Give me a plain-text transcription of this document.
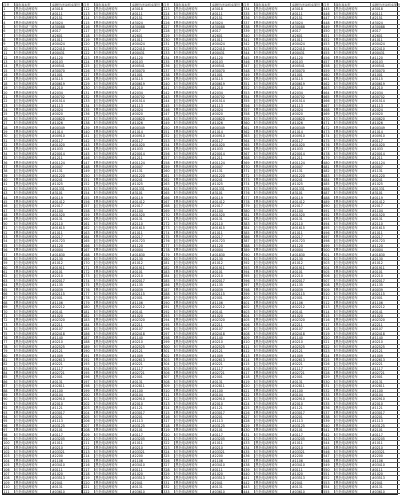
序号	颜色和车型	车牌号/发动机车架号
1	黑色电动两轮车	#3018
2	黑色电动两轮车	#0111
3	白色电动两轮车	#2151
4	黑色电动两轮车	#3024
5	红色电动三轮车	#30088
6	红色电动两轮车	#017
7	白色电动两轮车	#2601
8	黑色电动两轮车	#1011
9	黑色电动两轮车	#00424
10	红色电动两轮车	#22410
11	白色电动两轮车	#00431
12	黑色电动两轮车	#1120
13	红色电动两轮车	#0103
14	黑色电动两轮车	#00541
15	白色电动两轮车	#30070
16	黑色电动两轮车	#1001
17	黑色电动两轮车	#3115
18	红色电动两轮车	#00619
19	白色电动两轮车	#1210
20	黑色电动两轮车	#2034
21	黑色电动两轮车	#00702
22	红色电动两轮车	#01514
23	白色电动两轮车	#1113
24	黑色电动两轮车	#2024
25	黑色电动两轮车	#0020
26	红色电动两轮车	#00820
27	白色电动两轮车	#1026
28	黑色电动两轮车	#00349
29	黑色电动两轮车	#1014
30	红色电动两轮车	#00910
31	白色电动两轮车	#0117
32	黑色电动两轮车	#01020
33	黑色电动两轮车	#1033
34	红色电动两轮车	#20014
35	白色电动两轮车	#1211
36	黑色电动两轮车	#01124
37	黑色电动两轮车	#0007
38	红色电动两轮车	#1131
39	白色电动两轮车	#01220
40	黑色电动两轮车	#0241
41	黑色电动两轮车	#1025
42	红色电动两轮车	#01331
43	白色电动两轮车	#3101
44	黑色电动两轮车	#0119
45	黑色电动两轮车	#01412
46	红色电动两轮车	#2017
47	白色电动两轮车	#1104
48	黑色电动两轮车	#01520
49	黑色电动两轮车	#0131
50	红色电动两轮车	#2110
51	白色电动两轮车	#01615
52	黑色电动两轮车	#1011
53	黑色电动两轮车	#0217
54	红色电动两轮车	#01723
55	白色电动两轮车	#1120
56	黑色电动两轮车	#0004
57	黑色电动两轮车	#01830
58	红色电动两轮车	#2130
59	白色电动两轮车	#1012
60	黑色电动两轮车	#01911
61	黑色电动两轮车	#0101
62	红色电动两轮车	#2210
63	白色电动两轮车	#02017
64	黑色电动两轮车	#1135
65	黑色电动两轮车	#0039
66	红色电动两轮车	#02115
67	白色电动两轮车	#2001
68	黑色电动两轮车	#1106
69	黑色电动两轮车	#02212
70	红色电动两轮车	#0141
71	白色电动两轮车	#1020
72	黑色电动两轮车	#02320
73	黑色电动两轮车	#2211
74	红色电动两轮车	#0107
75	白色电动两轮车	#02418
76	黑色电动两轮车	#1140
77	黑色电动两轮车	#0210
78	红色电动两轮车	#02525
79	白色电动两轮车	#2121
80	黑色电动两轮车	#1009
81	黑色电动两轮车	#02613
82	红色电动两轮车	#0221
83	白色电动两轮车	#1117
84	黑色电动两轮车	#02721
85	黑色电动两轮车	#2001
86	红色电动两轮车	#0131
87	白色电动两轮车	#02811
88	黑色电动两轮车	#1100
89	黑色电动两轮车	#0104
90	红色电动两轮车	#02910
91	白色电动两轮车	#2010
92	黑色电动两轮车	#1121
93	黑色电动两轮车	#03017
94	红色电动两轮车	#0201
95	白色电动两轮车	#1113
96	黑色电动两轮车	#03125
97	黑色电动两轮车	#2101
98	红色电动两轮车	#0117
99	白色电动两轮车	#03205
100	黑色电动两轮车	#1011
101	黑色电动两轮车	#0210
102	红色电动两轮车	#03321
103	白色电动两轮车	#2200
104	黑色电动两轮车	#1106
105	黑色电动两轮车	#03410
106	红色电动两轮车	#0111
107	白色电动两轮车	#1020
108	黑色电动两轮车	#03513
109	黑色电动两轮车	#2041
110	红色电动两轮车	#0131
111	白色电动两轮车	#03610
序号	颜色和车型	车牌号/发动机车架号
112	黑色电动两轮车	#3018
113	红色电动两轮车	#0111
114	白色电动两轮车	#2151
115	黑色电动两轮车	#3024
116	黑色电动两轮车	#30088
117	红色电动两轮车	#017
118	白色电动两轮车	#2601
119	黑色电动两轮车	#1011
120	黑色电动两轮车	#00424
121	红色电动两轮车	#22410
122	白色电动两轮车	#00431
123	黑色电动两轮车	#1120
124	黑色电动两轮车	#0103
125	红色电动两轮车	#00541
126	白色电动两轮车	#30070
127	黑色电动两轮车	#1001
128	黑色电动两轮车	#3115
129	红色电动两轮车	#00619
130	白色电动两轮车	#1210
131	黑色电动两轮车	#2034
132	黑色电动两轮车	#00702
133	红色电动两轮车	#01514
134	白色电动两轮车	#1113
135	黑色电动两轮车	#2024
136	黑色电动两轮车	#0020
137	红色电动两轮车	#00820
138	白色电动两轮车	#1026
139	黑色电动两轮车	#00349
140	黑色电动两轮车	#1014
141	红色电动两轮车	#00910
142	白色电动两轮车	#0117
143	黑色电动两轮车	#01020
144	黑色电动两轮车	#1033
145	红色电动两轮车	#20014
146	白色电动两轮车	#1211
147	黑色电动两轮车	#01124
148	黑色电动两轮车	#0007
149	红色电动两轮车	#1131
150	白色电动两轮车	#01220
151	黑色电动两轮车	#0241
152	黑色电动两轮车	#1025
153	红色电动两轮车	#01331
154	白色电动两轮车	#3101
155	黑色电动两轮车	#0119
156	黑色电动两轮车	#01412
157	红色电动两轮车	#2017
158	白色电动两轮车	#1104
159	黑色电动两轮车	#01520
160	黑色电动两轮车	#0131
161	红色电动两轮车	#2110
162	白色电动两轮车	#01615
163	黑色电动两轮车	#1011
164	黑色电动两轮车	#0217
165	红色电动两轮车	#01723
166	白色电动两轮车	#1120
167	黑色电动两轮车	#0004
168	黑色电动两轮车	#01830
169	红色电动两轮车	#2130
170	白色电动两轮车	#1012
171	黑色电动两轮车	#01911
172	黑色电动两轮车	#0101
173	红色电动两轮车	#2210
174	白色电动两轮车	#02017
175	黑色电动两轮车	#1135
176	黑色电动两轮车	#0039
177	红色电动两轮车	#02115
178	白色电动两轮车	#2001
179	黑色电动两轮车	#1106
180	黑色电动两轮车	#02212
181	红色电动两轮车	#0141
182	白色电动两轮车	#1020
183	黑色电动两轮车	#02320
184	黑色电动两轮车	#2211
185	红色电动两轮车	#0107
186	白色电动两轮车	#02418
187	黑色电动两轮车	#1140
188	黑色电动两轮车	#0210
189	红色电动两轮车	#02525
190	白色电动两轮车	#2121
191	黑色电动两轮车	#1009
192	黑色电动两轮车	#02613
193	红色电动两轮车	#0221
194	白色电动两轮车	#1117
195	黑色电动两轮车	#02721
196	黑色电动两轮车	#2001
197	红色电动两轮车	#0131
198	白色电动两轮车	#02811
199	黑色电动两轮车	#1100
200	黑色电动两轮车	#0104
201	红色电动两轮车	#02910
202	白色电动两轮车	#2010
203	黑色电动两轮车	#1121
204	黑色电动两轮车	#03017
205	红色电动两轮车	#0201
206	白色电动两轮车	#1113
207	黑色电动两轮车	#03125
208	黑色电动两轮车	#2101
209	红色电动两轮车	#0117
210	白色电动两轮车	#03205
211	黑色电动两轮车	#1011
212	黑色电动两轮车	#0210
213	红色电动两轮车	#03321
214	白色电动两轮车	#2200
215	黑色电动两轮车	#1106
216	黑色电动两轮车	#03410
217	红色电动两轮车	#0111
218	白色电动两轮车	#1020
219	黑色电动两轮车	#03513
220	黑色电动两轮车	#2041
221	红色电动两轮车	#0131
222	白色电动两轮车	#03610
序号	颜色和车型	车牌号/发动机车架号
223	黑色电动两轮车	#3018
224	红色电动两轮车	#0111
225	白色电动两轮车	#2151
226	黑色电动两轮车	#3024
227	黑色电动两轮车	#30088
228	红色电动两轮车	#017
229	白色电动两轮车	#2601
230	黑色电动两轮车	#1011
231	黑色电动两轮车	#00424
232	红色电动两轮车	#22410
233	白色电动两轮车	#00431
234	黑色电动两轮车	#1120
235	黑色电动两轮车	#0103
236	红色电动两轮车	#00541
237	白色电动两轮车	#30070
238	黑色电动两轮车	#1001
239	黑色电动两轮车	#3115
240	红色电动两轮车	#00619
241	白色电动两轮车	#1210
242	黑色电动两轮车	#2034
243	黑色电动两轮车	#00702
244	红色电动两轮车	#01514
245	白色电动两轮车	#1113
246	黑色电动两轮车	#2024
247	黑色电动两轮车	#0020
248	红色电动两轮车	#00820
249	白色电动两轮车	#1026
250	黑色电动两轮车	#00349
251	黑色电动两轮车	#1014
252	红色电动两轮车	#00910
253	白色电动两轮车	#0117
254	黑色电动两轮车	#01020
255	黑色电动两轮车	#1033
256	红色电动两轮车	#20014
257	白色电动两轮车	#1211
258	黑色电动两轮车	#01124
259	黑色电动两轮车	#0007
260	红色电动两轮车	#1131
261	白色电动两轮车	#01220
262	黑色电动两轮车	#0241
263	黑色电动两轮车	#1025
264	红色电动两轮车	#01331
265	白色电动两轮车	#3101
266	黑色电动两轮车	#0119
267	黑色电动两轮车	#01412
268	红色电动两轮车	#2017
269	白色电动两轮车	#1104
270	黑色电动两轮车	#01520
271	黑色电动两轮车	#0131
272	红色电动两轮车	#2110
273	白色电动两轮车	#01615
274	黑色电动两轮车	#1011
275	黑色电动两轮车	#0217
276	红色电动两轮车	#01723
277	白色电动两轮车	#1120
278	黑色电动两轮车	#0004
279	黑色电动两轮车	#01830
280	红色电动两轮车	#2130
281	白色电动两轮车	#1012
282	黑色电动两轮车	#01911
283	黑色电动两轮车	#0101
284	红色电动两轮车	#2210
285	白色电动两轮车	#02017
286	黑色电动两轮车	#1135
287	黑色电动两轮车	#0039
288	红色电动两轮车	#02115
289	白色电动两轮车	#2001
290	黑色电动两轮车	#1106
291	黑色电动两轮车	#02212
292	红色电动两轮车	#0141
293	白色电动两轮车	#1020
294	黑色电动两轮车	#02320
295	黑色电动两轮车	#2211
296	红色电动两轮车	#0107
297	白色电动两轮车	#02418
298	黑色电动两轮车	#1140
299	黑色电动两轮车	#0210
300	红色电动两轮车	#02525
301	白色电动两轮车	#2121
302	黑色电动两轮车	#1009
303	黑色电动两轮车	#02613
304	红色电动两轮车	#0221
305	白色电动两轮车	#1117
306	黑色电动两轮车	#02721
307	黑色电动两轮车	#2001
308	红色电动两轮车	#0131
309	白色电动两轮车	#02811
310	黑色电动两轮车	#1100
311	黑色电动两轮车	#0104
312	红色电动两轮车	#02910
313	白色电动两轮车	#2010
314	黑色电动两轮车	#1121
315	黑色电动两轮车	#03017
316	红色电动两轮车	#0201
317	白色电动两轮车	#1113
318	黑色电动两轮车	#03125
319	黑色电动两轮车	#2101
320	红色电动两轮车	#0117
321	白色电动两轮车	#03205
322	黑色电动两轮车	#1011
323	黑色电动两轮车	#0210
324	红色电动两轮车	#03321
325	白色电动两轮车	#2200
326	黑色电动两轮车	#1106
327	黑色电动两轮车	#03410
328	红色电动两轮车	#0111
329	白色电动两轮车	#1020
330	黑色电动两轮车	#03513
331	黑色电动两轮车	#2041
332	红色电动两轮车	#0131
333	白色电动两轮车	#03610
序号	颜色和车型	车牌号/发动机车架号
334	黑色电动两轮车	#3018
335	红色电动两轮车	#0111
336	白色电动两轮车	#2151
337	黑色电动两轮车	#3024
338	黑色电动两轮车	#30088
339	红色电动两轮车	#017
340	白色电动两轮车	#2601
341	黑色电动两轮车	#1011
342	黑色电动两轮车	#00424
343	红色电动两轮车	#22410
344	白色电动两轮车	#00431
345	黑色电动两轮车	#1120
346	黑色电动两轮车	#0103
347	红色电动两轮车	#00541
348	白色电动两轮车	#30070
349	黑色电动两轮车	#1001
350	黑色电动两轮车	#3115
351	红色电动两轮车	#00619
352	白色电动两轮车	#1210
353	黑色电动两轮车	#2034
354	黑色电动两轮车	#00702
355	红色电动两轮车	#01514
356	白色电动两轮车	#1113
357	黑色电动两轮车	#2024
358	黑色电动两轮车	#0020
359	红色电动两轮车	#00820
360	白色电动两轮车	#1026
361	黑色电动两轮车	#00349
362	黑色电动两轮车	#1014
363	红色电动两轮车	#00910
364	白色电动两轮车	#0117
365	黑色电动两轮车	#01020
366	黑色电动两轮车	#1033
367	红色电动两轮车	#20014
368	白色电动两轮车	#1211
369	黑色电动两轮车	#01124
370	黑色电动两轮车	#0007
371	红色电动两轮车	#1131
372	白色电动两轮车	#01220
373	黑色电动两轮车	#0241
374	黑色电动两轮车	#1025
375	红色电动两轮车	#01331
376	白色电动两轮车	#3101
377	黑色电动两轮车	#0119
378	黑色电动两轮车	#01412
379	红色电动两轮车	#2017
380	白色电动两轮车	#1104
381	黑色电动两轮车	#01520
382	黑色电动两轮车	#0131
383	红色电动两轮车	#2110
384	白色电动两轮车	#01615
385	黑色电动两轮车	#1011
386	黑色电动两轮车	#0217
387	红色电动两轮车	#01723
388	白色电动两轮车	#1120
389	黑色电动两轮车	#0004
390	黑色电动两轮车	#01830
391	红色电动两轮车	#2130
392	白色电动两轮车	#1012
393	黑色电动两轮车	#01911
394	黑色电动两轮车	#0101
395	红色电动两轮车	#2210
396	白色电动两轮车	#02017
397	黑色电动两轮车	#1135
398	黑色电动两轮车	#0039
399	红色电动两轮车	#02115
400	白色电动两轮车	#2001
401	黑色电动两轮车	#1106
402	黑色电动两轮车	#02212
403	红色电动两轮车	#0141
404	白色电动两轮车	#1020
405	黑色电动两轮车	#02320
406	黑色电动两轮车	#2211
407	红色电动两轮车	#0107
408	白色电动两轮车	#02418
409	黑色电动两轮车	#1140
410	黑色电动两轮车	#0210
411	红色电动两轮车	#02525
412	白色电动两轮车	#2121
413	黑色电动两轮车	#1009
414	黑色电动两轮车	#02613
415	红色电动两轮车	#0221
416	白色电动两轮车	#1117
417	黑色电动两轮车	#02721
418	黑色电动两轮车	#2001
419	红色电动两轮车	#0131
420	白色电动两轮车	#02811
421	黑色电动两轮车	#1100
422	黑色电动两轮车	#0104
423	红色电动两轮车	#02910
424	白色电动两轮车	#2010
425	黑色电动两轮车	#1121
426	黑色电动两轮车	#03017
427	红色电动两轮车	#0201
428	白色电动两轮车	#1113
429	黑色电动两轮车	#03125
430	黑色电动两轮车	#2101
431	红色电动两轮车	#0117
432	白色电动两轮车	#03205
433	黑色电动两轮车	#1011
434	黑色电动两轮车	#0210
435	红色电动两轮车	#03321
436	白色电动两轮车	#2200
437	黑色电动两轮车	#1106
438	黑色电动两轮车	#03410
439	红色电动两轮车	#0111
440	白色电动两轮车	#1020
441	黑色电动两轮车	#03513
442	黑色电动两轮车	#2041
443	红色电动两轮车	#0131
444	白色电动两轮车	#03610
序号	颜色和车型	车牌号/发动机车架号
445	黑色电动两轮车	#3018
446	红色电动两轮车	#0111
447	白色电动两轮车	#2151
448	黑色电动两轮车	#3024
449	黑色电动两轮车	#30088
450	红色电动两轮车	#017
451	白色电动两轮车	#2601
452	黑色电动两轮车	#1011
453	黑色电动两轮车	#00424
454	红色电动两轮车	#22410
455	白色电动两轮车	#00431
456	黑色电动两轮车	#1120
457	黑色电动两轮车	#0103
458	红色电动两轮车	#00541
459	白色电动两轮车	#30070
460	黑色电动两轮车	#1001
461	黑色电动两轮车	#3115
462	红色电动两轮车	#00619
463	白色电动两轮车	#1210
464	黑色电动两轮车	#2034
465	黑色电动两轮车	#00702
466	红色电动两轮车	#01514
467	白色电动两轮车	#1113
468	黑色电动两轮车	#2024
469	黑色电动两轮车	#0020
470	红色电动两轮车	#00820
471	白色电动两轮车	#1026
472	黑色电动两轮车	#00349
473	黑色电动两轮车	#1014
474	红色电动两轮车	#00910
475	白色电动两轮车	#0117
476	黑色电动两轮车	#01020
477	黑色电动两轮车	#1033
478	红色电动两轮车	#20014
479	白色电动两轮车	#1211
480	黑色电动两轮车	#01124
481	黑色电动两轮车	#0007
482	红色电动两轮车	#1131
483	白色电动两轮车	#01220
484	黑色电动两轮车	#0241
485	黑色电动两轮车	#1025
486	红色电动两轮车	#01331
487	白色电动两轮车	#3101
488	黑色电动两轮车	#0119
489	黑色电动两轮车	#01412
490	红色电动两轮车	#2017
491	白色电动两轮车	#1104
492	黑色电动两轮车	#01520
493	黑色电动两轮车	#0131
494	红色电动两轮车	#2110
495	白色电动两轮车	#01615
496	黑色电动两轮车	#1011
497	黑色电动两轮车	#0217
498	红色电动两轮车	#01723
499	白色电动两轮车	#1120
500	黑色电动两轮车	#0004
501	黑色电动两轮车	#01830
502	红色电动两轮车	#2130
503	白色电动两轮车	#1012
504	黑色电动两轮车	#01911
505	黑色电动两轮车	#0101
506	红色电动两轮车	#2210
507	白色电动两轮车	#02017
508	黑色电动两轮车	#1135
509	黑色电动两轮车	#0039
510	红色电动两轮车	#02115
511	白色电动两轮车	#2001
512	黑色电动两轮车	#1106
513	黑色电动两轮车	#02212
514	红色电动两轮车	#0141
515	白色电动两轮车	#1020
516	黑色电动两轮车	#02320
517	黑色电动两轮车	#2211
518	红色电动两轮车	#0107
519	白色电动两轮车	#02418
520	黑色电动两轮车	#1140
521	黑色电动两轮车	#0210
522	红色电动两轮车	#02525
523	白色电动两轮车	#2121
524	黑色电动两轮车	#1009
525	黑色电动两轮车	#02613
526	红色电动两轮车	#0221
527	白色电动两轮车	#1117
528	黑色电动两轮车	#02721
529	黑色电动两轮车	#2001
530	红色电动两轮车	#0131
531	白色电动两轮车	#02811
532	黑色电动两轮车	#1100
533	黑色电动两轮车	#0104
534	红色电动两轮车	#02910
535	白色电动两轮车	#2010
536	黑色电动两轮车	#1121
537	黑色电动两轮车	#03017
538	红色电动两轮车	#0201
539	白色电动两轮车	#1113
540	黑色电动两轮车	#03125
541	黑色电动两轮车	#2101
542	红色电动两轮车	#0117
543	白色电动两轮车	#03205
544	黑色电动两轮车	#1011
545	黑色电动两轮车	#0210
546	红色电动两轮车	#03321
547	白色电动两轮车	#2200
548	黑色电动两轮车	#1106
549	黑色电动两轮车	#03410
550	红色电动两轮车	#0111
551	白色电动两轮车	#1020
552	黑色电动两轮车	#03513
553	黑色电动两轮车	#2041
554	红色电动两轮车	#0131
555	白色电动两轮车	#03610
